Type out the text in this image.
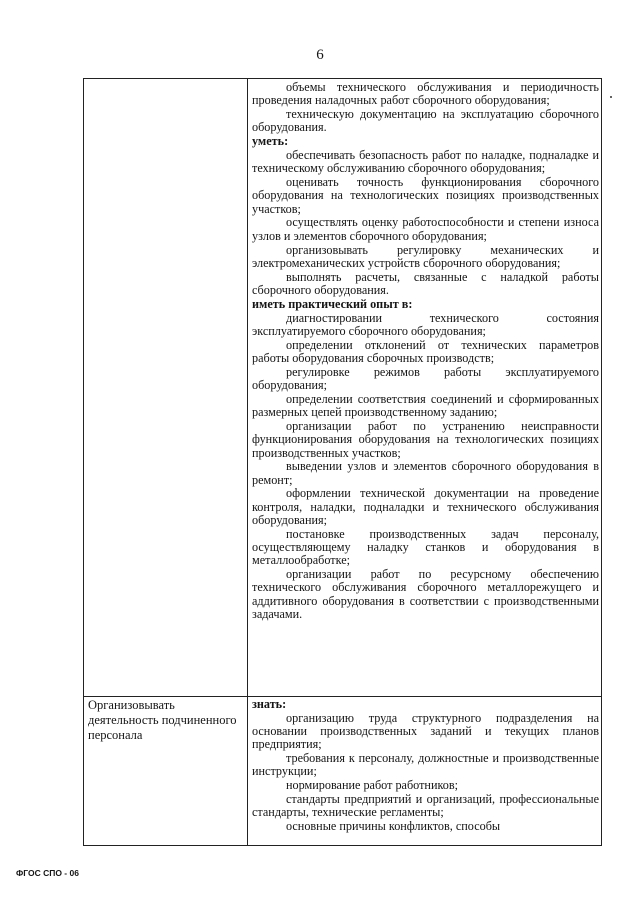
6

объемы технического обслуживания и периодичность проведения наладочных работ сборочного оборудования;

техническую документацию на эксплуатацию сборочного оборудования.

уметь:

обеспечивать безопасность работ по наладке, подналадке и техническому обслуживанию сборочного оборудования;

оценивать точность функционирования сборочного оборудования на технологических позициях производственных участков;

осуществлять оценку работоспособности и степени износа узлов и элементов сборочного оборудования;

организовывать регулировку механических и электромеханических устройств сборочного оборудования;

выполнять расчеты, связанные с наладкой работы сборочного оборудования.

иметь практический опыт в:

диагностировании технического состояния эксплуатируемого сборочного оборудования;

определении отклонений от технических параметров работы оборудования сборочных производств;

регулировке режимов работы эксплуатируемого оборудования;

определении соответствия соединений и сформированных размерных цепей производственному заданию;

организации работ по устранению неисправности функционирования оборудования на технологических позициях производственных участков;

выведении узлов и элементов сборочного оборудования в ремонт;

оформлении технической документации на проведение контроля, наладки, подналадки и технического обслуживания оборудования;

постановке производственных задач персоналу, осуществляющему наладку станков и оборудования в металлообработке;

организации работ по ресурсному обеспечению технического обслуживания сборочного металлорежущего и аддитивного оборудования в соответствии с производственными задачами.

Организовывать деятельность подчиненного персонала

знать:

организацию труда структурного подразделения на основании производственных заданий и текущих планов предприятия;

требования к персоналу, должностные и производственные инструкции;

нормирование работ работников;

стандарты предприятий и организаций, профессиональные стандарты, технические регламенты;

основные причины конфликтов, способы

ФГОС СПО - 06
